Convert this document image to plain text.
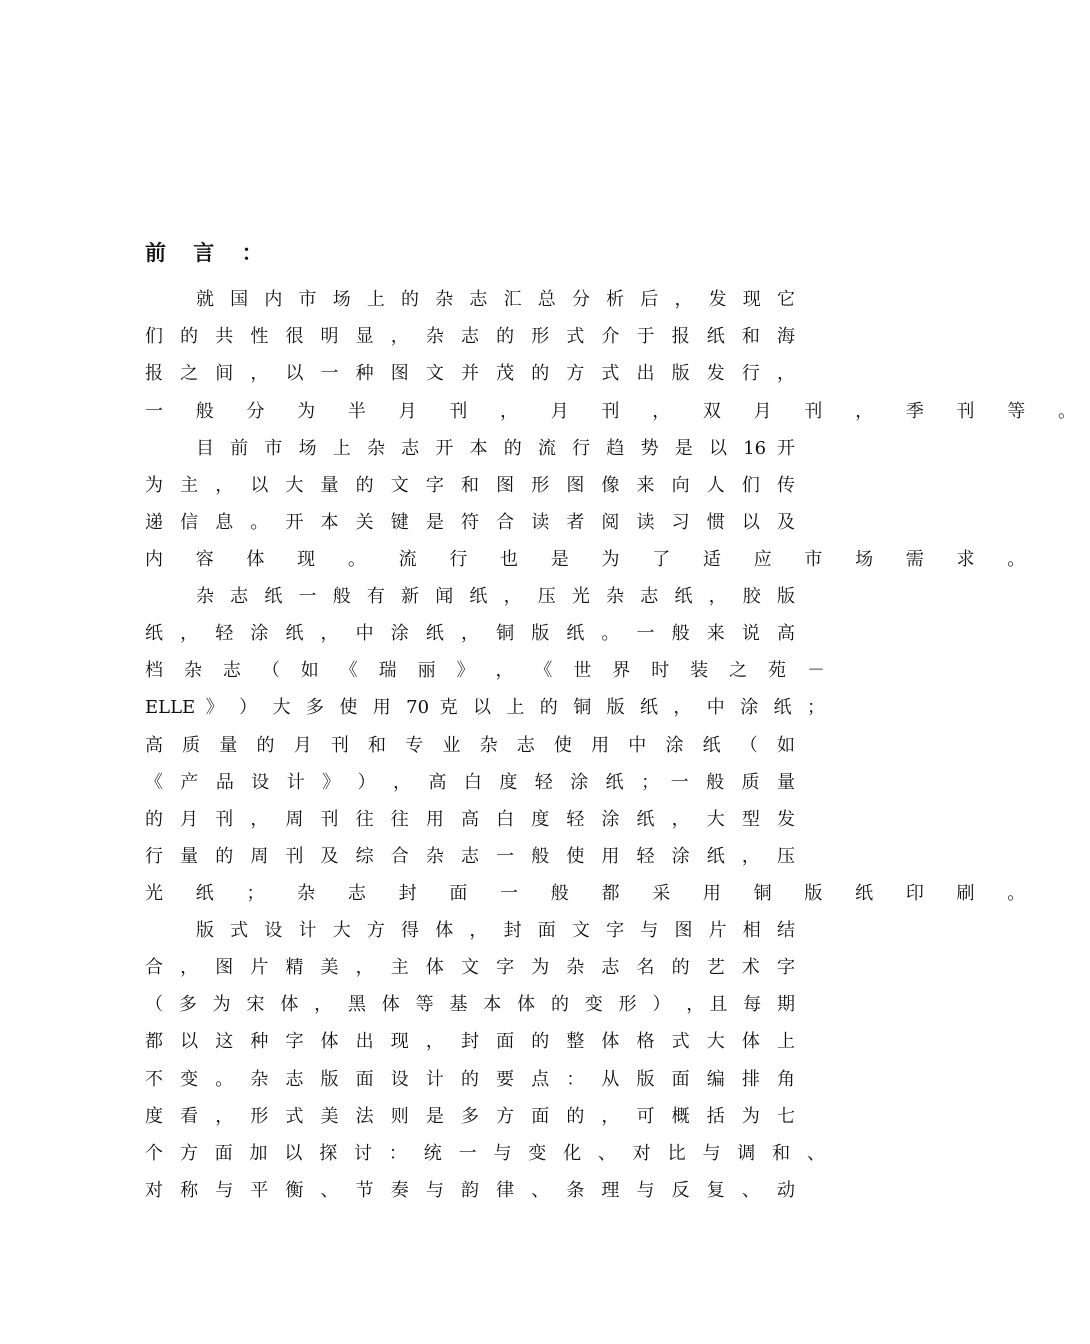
前 言 ：
就 国 内 市 场 上 的 杂 志 汇 总 分 析 后 ， 发 现 它
们 的 共 性 很 明 显 ， 杂 志 的 形 式 介 于 报 纸 和 海
报 之 间 ， 以 一 种 图 文 并 茂 的 方 式 出 版 发 行 ，
一 般 分 为 半 月 刊 ， 月 刊 ， 双 月 刊 ， 季 刊 等 。
目 前 市 场 上 杂 志 开 本 的 流 行 趋 势 是 以 16 开
为 主 ， 以 大 量 的 文 字 和 图 形 图 像 来 向 人 们 传
递 信 息 。 开 本 关 键 是 符 合 读 者 阅 读 习 惯 以 及
内 容 体 现 。 流 行 也 是 为 了 适 应 市 场 需 求 。
杂 志 纸 一 般 有 新 闻 纸 ， 压 光 杂 志 纸 ， 胶 版
纸 ， 轻 涂 纸 ， 中 涂 纸 ， 铜 版 纸 。 一 般 来 说 高
档 杂 志 （ 如 《 瑞 丽 》 ， 《 世 界 时 装 之 苑 －
ELLE 》 ） 大 多 使 用 70 克 以 上 的 铜 版 纸 ， 中 涂 纸 ；
高 质 量 的 月 刊 和 专 业 杂 志 使 用 中 涂 纸 （ 如
《 产 品 设 计 》 ） ， 高 白 度 轻 涂 纸 ； 一 般 质 量
的 月 刊 ， 周 刊 往 往 用 高 白 度 轻 涂 纸 ， 大 型 发
行 量 的 周 刊 及 综 合 杂 志 一 般 使 用 轻 涂 纸 ， 压
光 纸 ； 杂 志 封 面 一 般 都 采 用 铜 版 纸 印 刷 。
版 式 设 计 大 方 得 体 ， 封 面 文 字 与 图 片 相 结
合 ， 图 片 精 美 ， 主 体 文 字 为 杂 志 名 的 艺 术 字
（ 多 为 宋 体 ， 黑 体 等 基 本 体 的 变 形 ） ，且 每 期
都 以 这 种 字 体 出 现 ， 封 面 的 整 体 格 式 大 体 上
不 变 。 杂 志 版 面 设 计 的 要 点 ： 从 版 面 编 排 角
度 看 ， 形 式 美 法 则 是 多 方 面 的 ， 可 概 括 为 七
个 方 面 加 以 探 讨 ： 统 一 与 变 化 、 对 比 与 调 和 、
对 称 与 平 衡 、 节 奏 与 韵 律 、 条 理 与 反 复 、 动
